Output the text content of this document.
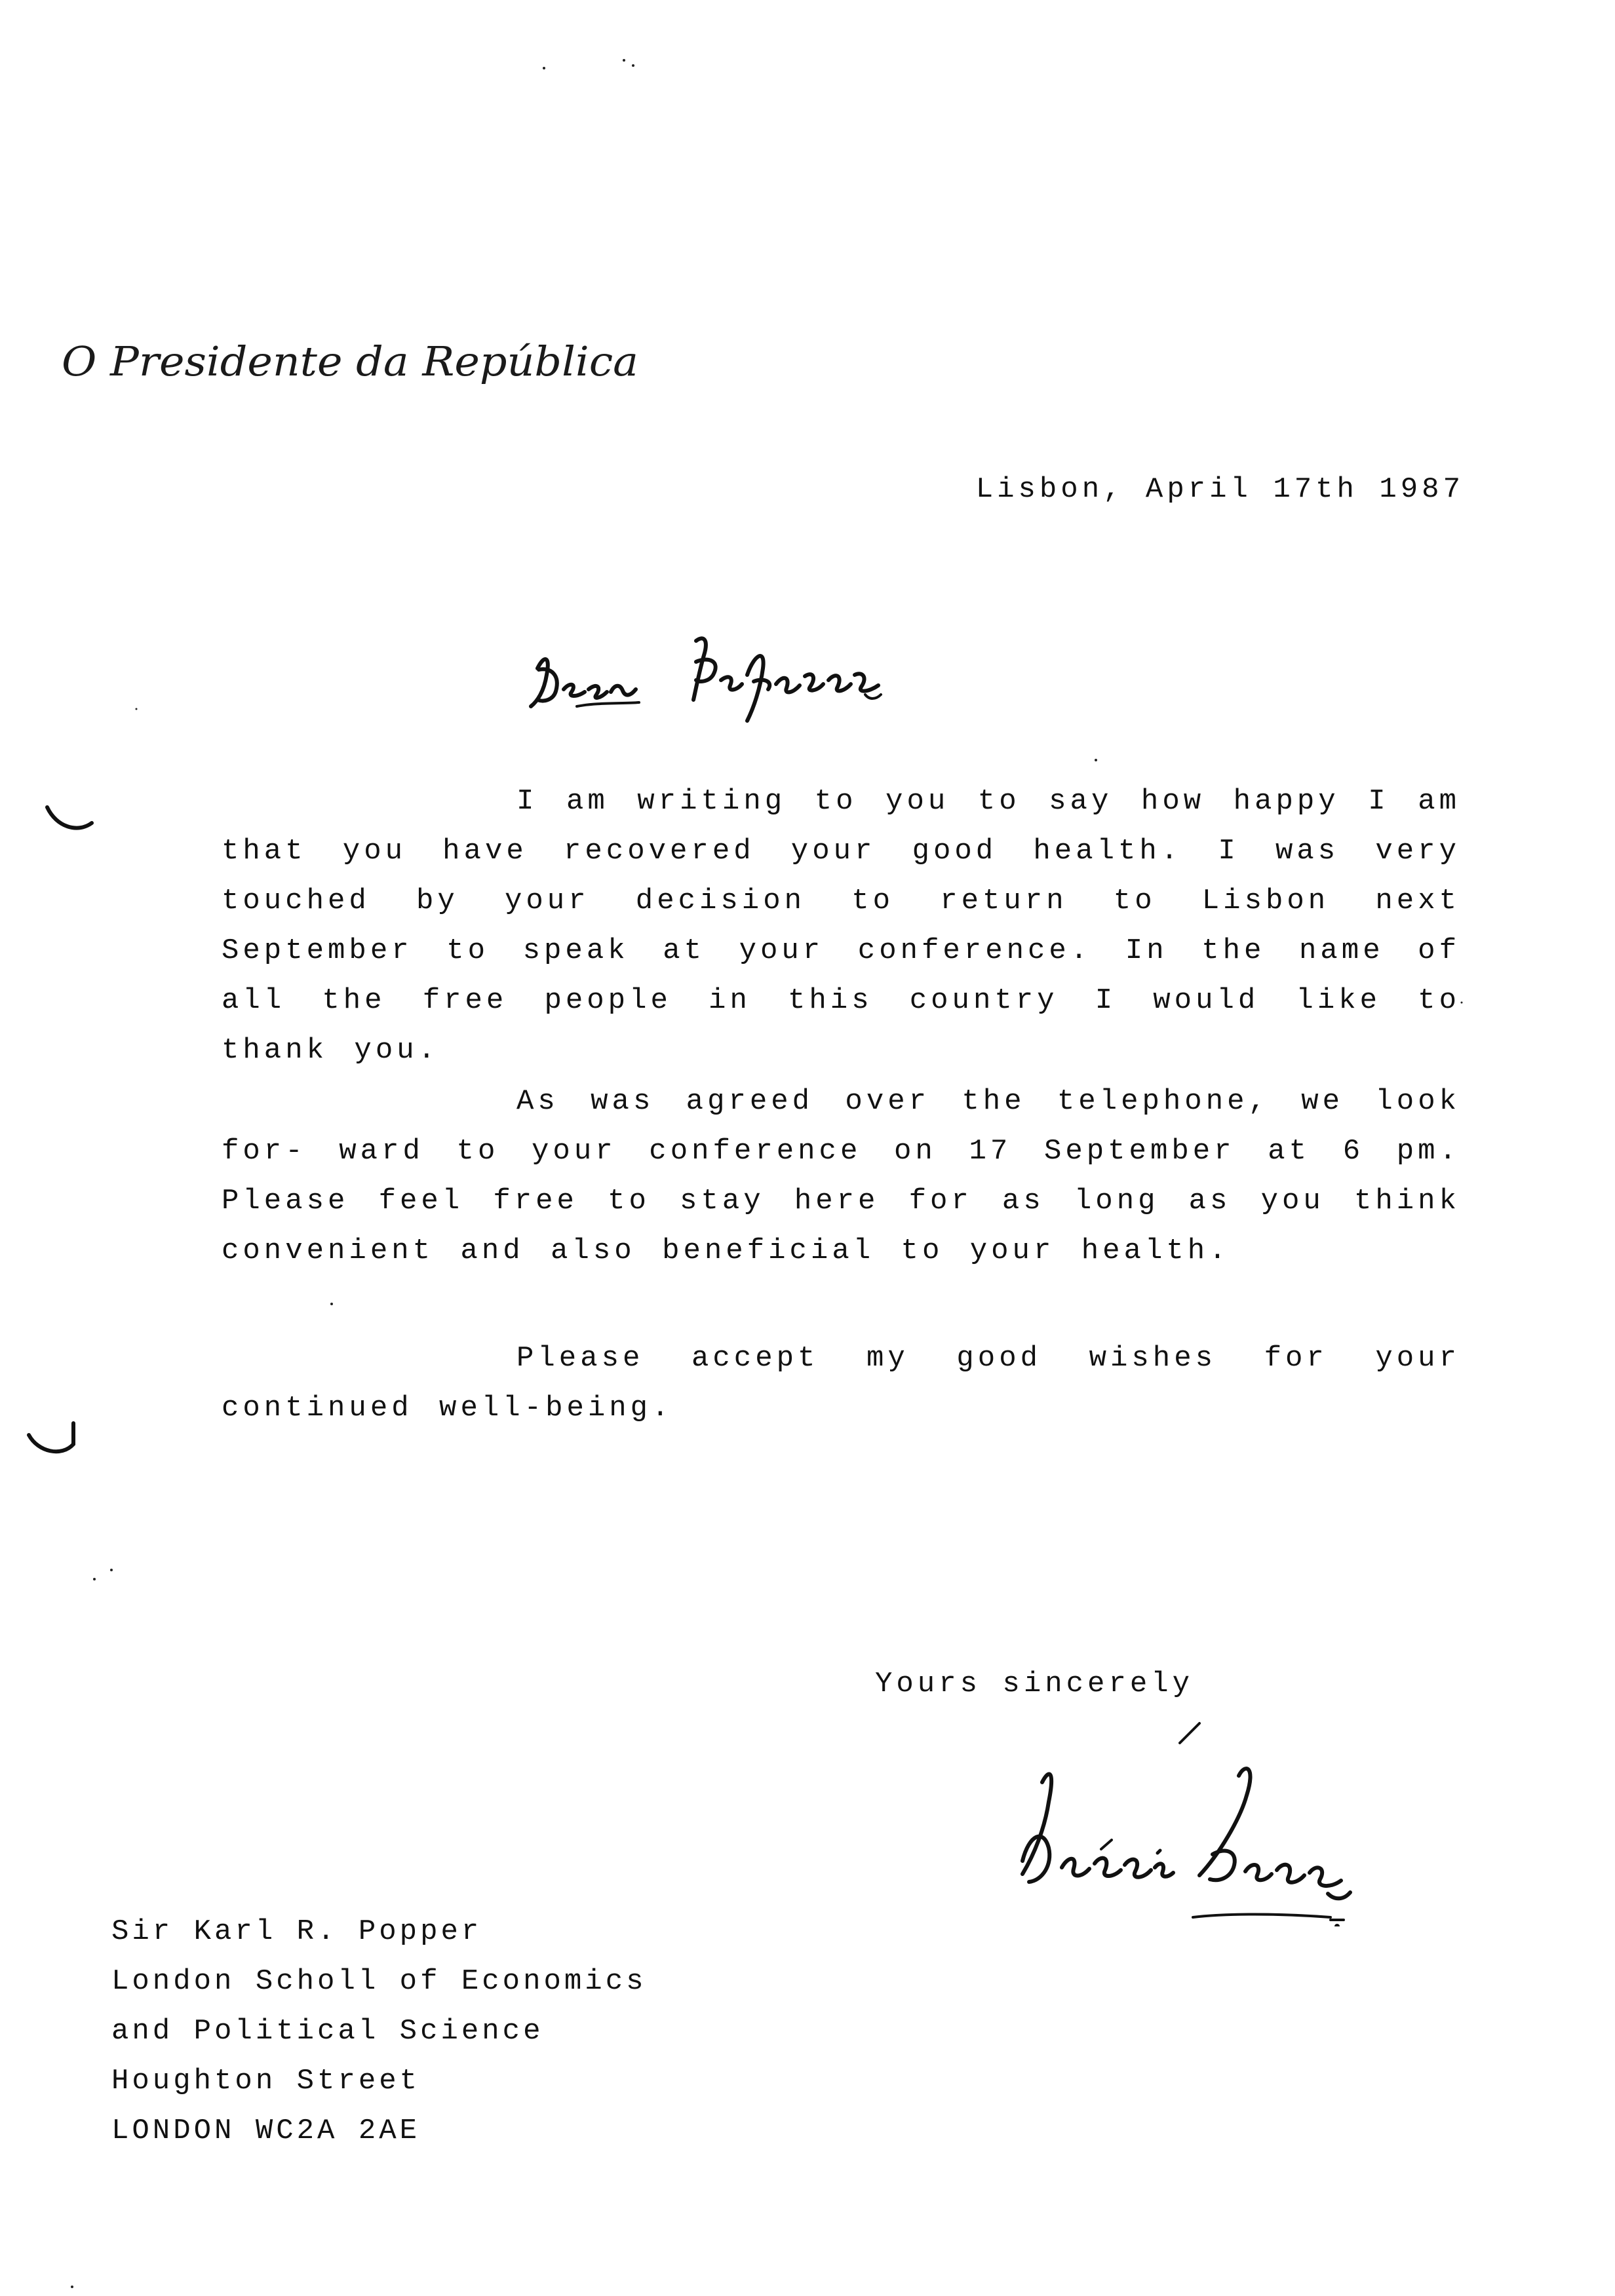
O Presidente da República
Lisbon, April 17th 1987
Dear Professor
I am writing to you to say how happy I am that you have recovered your good health. I was very touched by your decision to return to Lisbon next September to speak at your conference. In the name of all the free people in this country I would like to thank you.
As was agreed over the telephone, we look for- ward to your conference on 17 September at 6 pm. Please feel free to stay here for as long as you think convenient and also beneficial to your health.
Please accept my good wishes for your continued well-being.
Yours sincerely
Mário Soares
Sir Karl R. Popper
London Scholl of Economics
and Political Science
Houghton Street
LONDON WC2A 2AE
